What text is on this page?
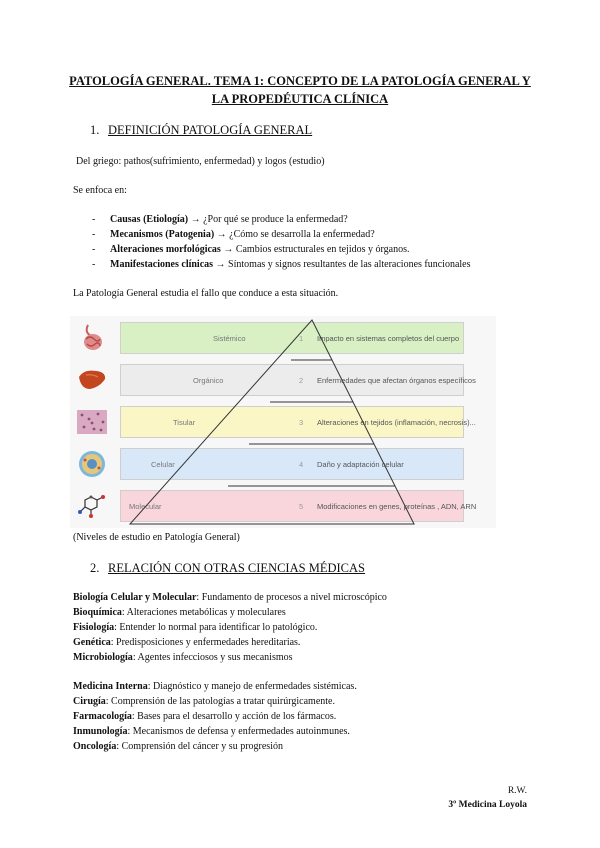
PATOLOGÍA GENERAL. TEMA 1: CONCEPTO DE LA PATOLOGÍA GENERAL Y LA PROPEDÉUTICA CLÍNICA
1. DEFINICIÓN PATOLOGÍA GENERAL
Del griego: pathos(sufrimiento, enfermedad) y logos (estudio)
Se enfoca en:
- Causas (Etiología) → ¿Por qué se produce la enfermedad?
- Mecanismos (Patogenia) → ¿Cómo se desarrolla la enfermedad?
- Alteraciones morfológicas → Cambios estructurales en tejidos y órganos.
- Manifestaciones clínicas → Síntomas y signos resultantes de las alteraciones funcionales
La Patología General estudia el fallo que conduce a esta situación.
Sistémico	1 Impacto en sistemas completos del cuerpo
Orgánico	2 Enfermedades que afectan órganos específicos
Tisular	3 Alteraciones en tejidos (inflamación, necrosis)...
Celular	4 Daño y adaptación celular
Molecular	5 Modificaciones en genes, proteínas , ADN, ARN
(Niveles de estudio en Patología General)
2. RELACIÓN CON OTRAS CIENCIAS MÉDICAS
Biología Celular y Molecular: Fundamento de procesos a nivel microscópico
Bioquímica: Alteraciones metabólicas y moleculares
Fisiología: Entender lo normal para identificar lo patológico.
Genética: Predisposiciones y enfermedades hereditarias.
Microbiología: Agentes infecciosos y sus mecanismos
Medicina Interna: Diagnóstico y manejo de enfermedades sistémicas.
Cirugía: Comprensión de las patologías a tratar quirúrgicamente.
Farmacología: Bases para el desarrollo y acción de los fármacos.
Inmunología: Mecanismos de defensa y enfermedades autoinmunes.
Oncología: Comprensión del cáncer y su progresión
R.W.
3º Medicina Loyola
